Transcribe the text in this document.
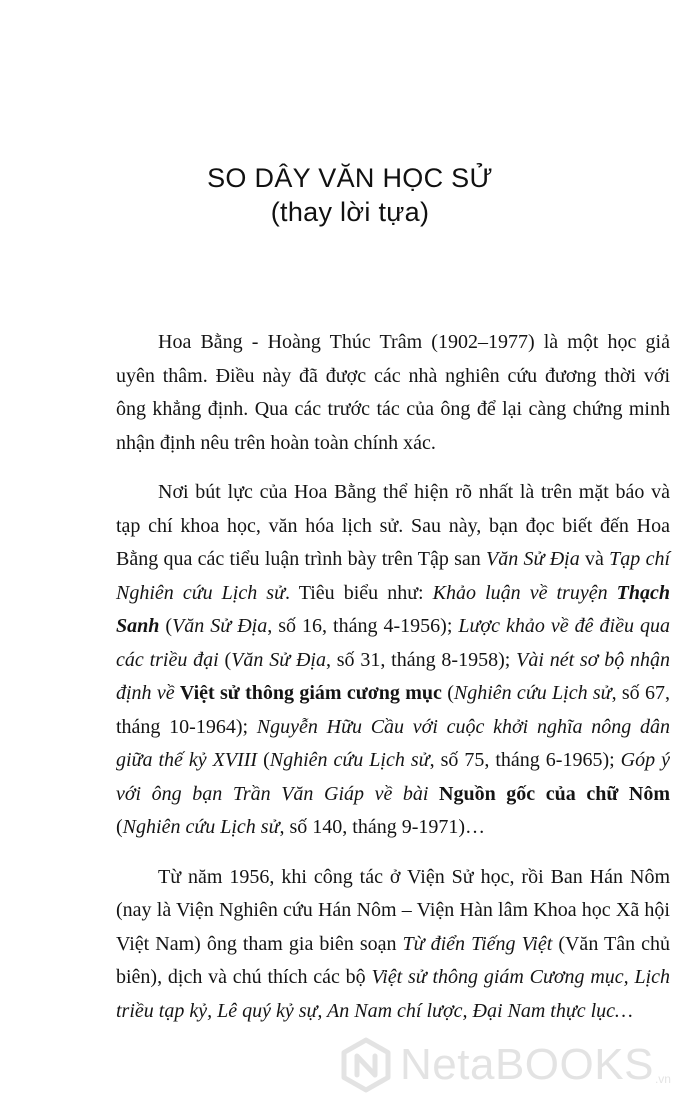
SO DÂY VĂN HỌC SỬ
(thay lời tựa)

Hoa Bằng - Hoàng Thúc Trâm (1902–1977) là một học giả uyên thâm. Điều này đã được các nhà nghiên cứu đương thời với ông khẳng định. Qua các trước tác của ông để lại càng chứng minh nhận định nêu trên hoàn toàn chính xác.

Nơi bút lực của Hoa Bằng thể hiện rõ nhất là trên mặt báo và tạp chí khoa học, văn hóa lịch sử. Sau này, bạn đọc biết đến Hoa Bằng qua các tiểu luận trình bày trên Tập san Văn Sử Địa và Tạp chí Nghiên cứu Lịch sử. Tiêu biểu như: Khảo luận về truyện Thạch Sanh (Văn Sử Địa, số 16, tháng 4-1956); Lược khảo về đê điều qua các triều đại (Văn Sử Địa, số 31, tháng 8-1958); Vài nét sơ bộ nhận định về Việt sử thông giám cương mục (Nghiên cứu Lịch sử, số 67, tháng 10-1964); Nguyễn Hữu Cầu với cuộc khởi nghĩa nông dân giữa thế kỷ XVIII (Nghiên cứu Lịch sử, số 75, tháng 6-1965); Góp ý với ông bạn Trần Văn Giáp về bài Nguồn gốc của chữ Nôm (Nghiên cứu Lịch sử, số 140, tháng 9-1971)…

Từ năm 1956, khi công tác ở Viện Sử học, rồi Ban Hán Nôm (nay là Viện Nghiên cứu Hán Nôm – Viện Hàn lâm Khoa học Xã hội Việt Nam) ông tham gia biên soạn Từ điển Tiếng Việt (Văn Tân chủ biên), dịch và chú thích các bộ Việt sử thông giám Cương mục, Lịch triều tạp kỷ, Lê quý kỷ sự, An Nam chí lược, Đại Nam thực lục…

NetaBOOKS .vn
